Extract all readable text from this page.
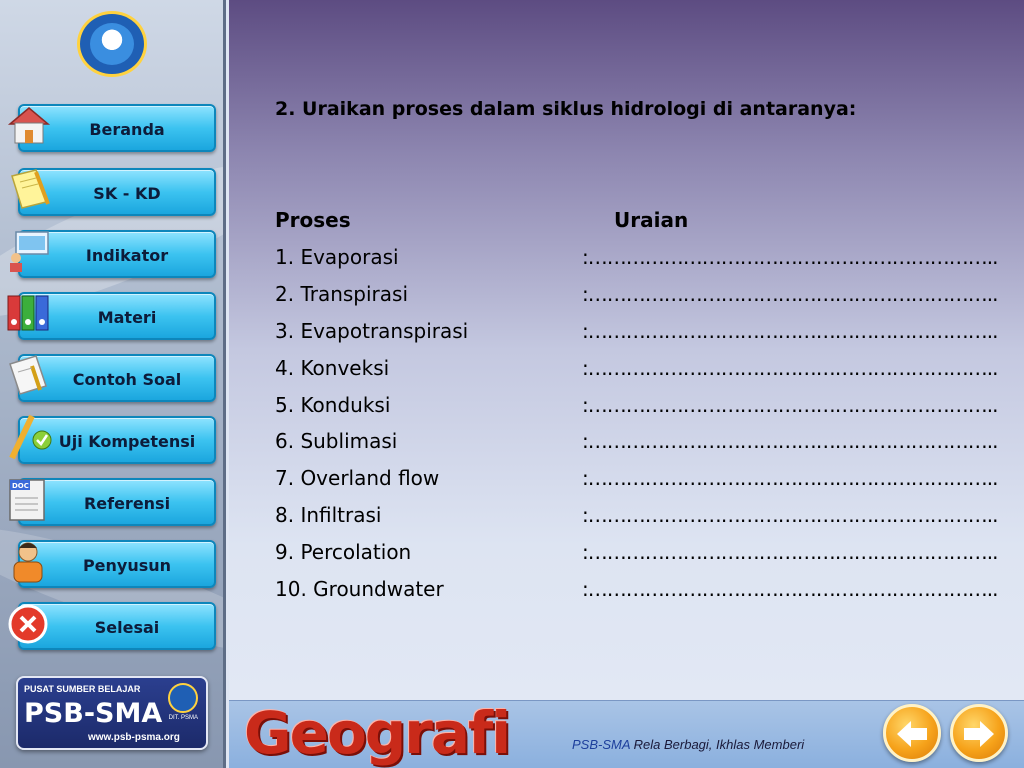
Beranda
SK - KD
Indikator
Materi
Contoh Soal
Uji Kompetensi
DOC
Referensi
Penyusun
Selesai
PUSAT SUMBER BELAJAR
PSB-SMA
www.psb-psma.org
DIT. PSMA
2. Uraikan proses dalam siklus hidrologi di antaranya:
Proses	Uraian
1. Evaporasi	:………………………………………………………..
2. Transpirasi	:………………………………………………………..
3. Evapotranspirasi	:………………………………………………………..
4. Konveksi	:………………………………………………………..
5. Konduksi	:………………………………………………………..
6. Sublimasi	:………………………………………………………..
7. Overland flow	:………………………………………………………..
8. Infiltrasi	:………………………………………………………..
9. Percolation	:………………………………………………………..
10. Groundwater	:………………………………………………………..
Geografi	PSB-SMA Rela Berbagi, Ikhlas Memberi
